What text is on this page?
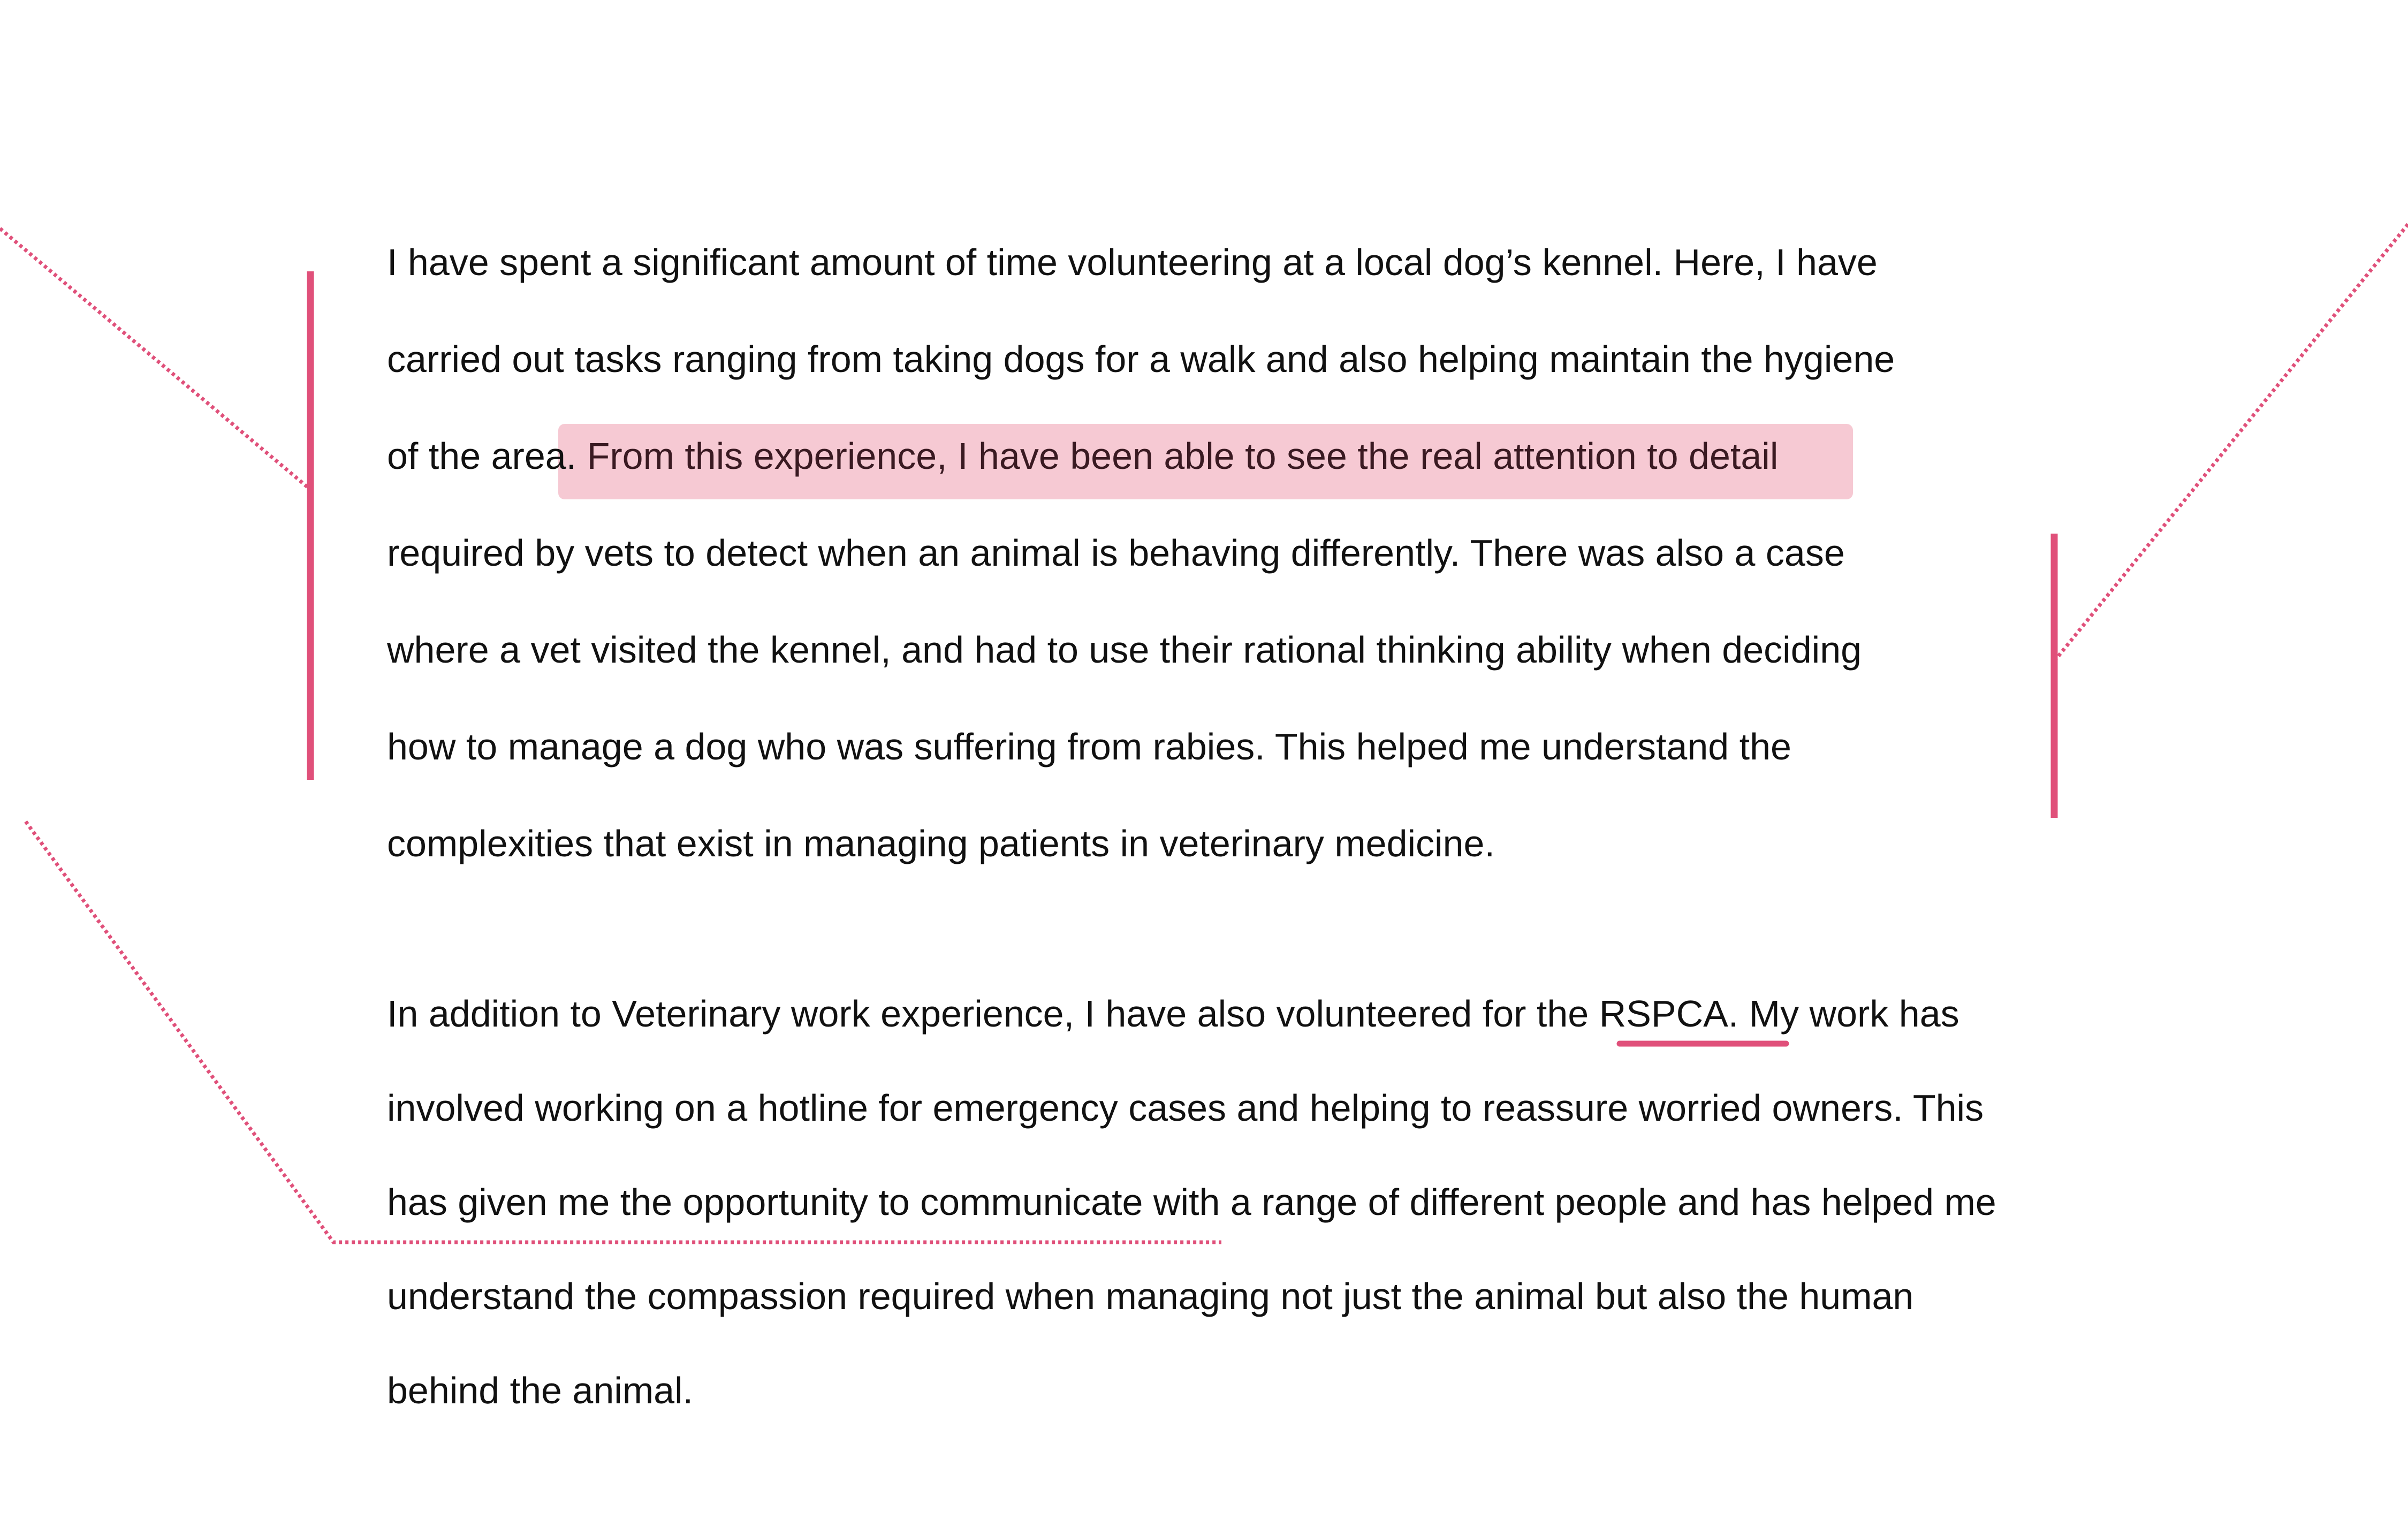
I have spent a significant amount of time volunteering at a local dog’s kennel. Here, I have
carried out tasks ranging from taking dogs for a walk and also helping maintain the hygiene
of the area. From this experience, I have been able to see the real attention to detail
required by vets to detect when an animal is behaving differently. There was also a case
where a vet visited the kennel, and had to use their rational thinking ability when deciding
how to manage a dog who was suffering from rabies. This helped me understand the
complexities that exist in managing patients in veterinary medicine.
In addition to Veterinary work experience, I have also volunteered for the RSPCA. My work has
involved working on a hotline for emergency cases and helping to reassure worried owners. This
has given me the opportunity to communicate with a range of different people and has helped me
understand the compassion required when managing not just the animal but also the human
behind the animal.
